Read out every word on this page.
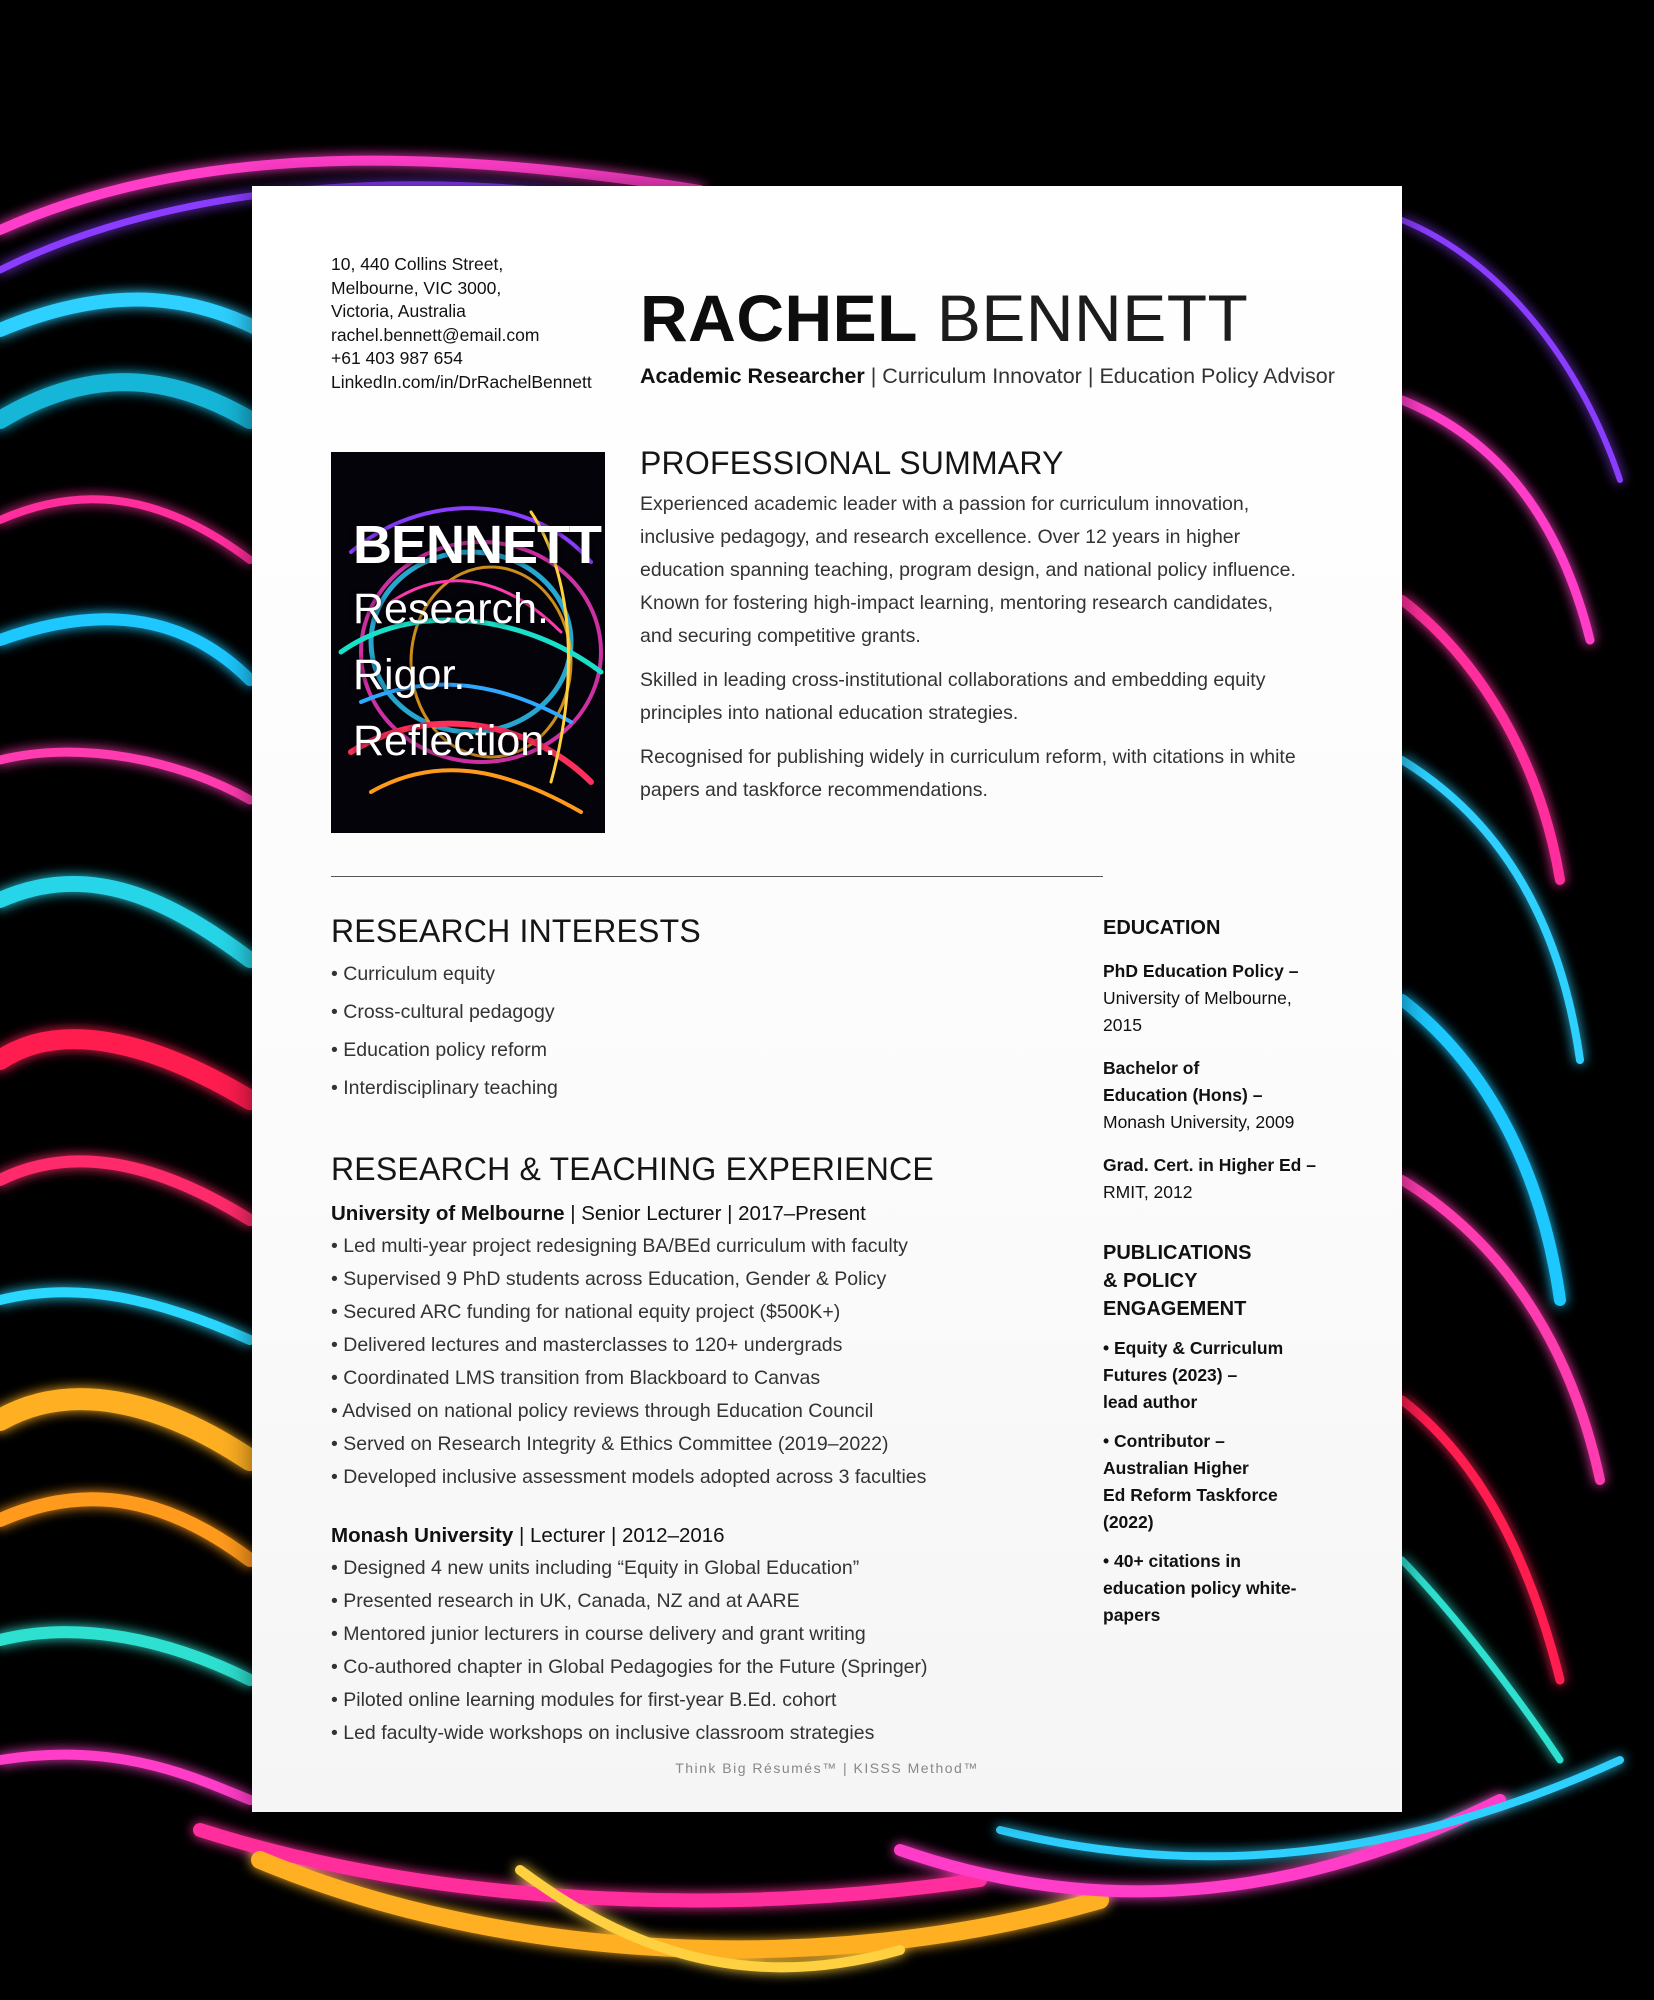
10, 440 Collins Street,
Melbourne, VIC 3000,
Victoria, Australia
rachel.bennett@email.com
+61 403 987 654
LinkedIn.com/in/DrRachelBennett
RACHEL BENNETT
Academic Researcher | Curriculum Innovator | Education Policy Advisor
BENNETT
Research.
Rigor.
Reflection.
PROFESSIONAL SUMMARY

Experienced academic leader with a passion for curriculum innovation, inclusive pedagogy, and research excellence. Over 12 years in higher education spanning teaching, program design, and national policy influence. Known for fostering high-impact learning, mentoring research candidates, and securing competitive grants.

Skilled in leading cross-institutional collaborations and embedding equity principles into national education strategies.

Recognised for publishing widely in curriculum reform, with citations in white papers and taskforce recommendations.

RESEARCH INTERESTS
• Curriculum equity
• Cross-cultural pedagogy
• Education policy reform
• Interdisciplinary teaching
RESEARCH & TEACHING EXPERIENCE
University of Melbourne | Senior Lecturer | 2017–Present
• Led multi-year project redesigning BA/BEd curriculum with faculty
• Supervised 9 PhD students across Education, Gender & Policy
• Secured ARC funding for national equity project ($500K+)
• Delivered lectures and masterclasses to 120+ undergrads
• Coordinated LMS transition from Blackboard to Canvas
• Advised on national policy reviews through Education Council
• Served on Research Integrity & Ethics Committee (2019–2022)
• Developed inclusive assessment models adopted across 3 faculties
Monash University | Lecturer | 2012–2016
• Designed 4 new units including “Equity in Global Education”
• Presented research in UK, Canada, NZ and at AARE
• Mentored junior lecturers in course delivery and grant writing
• Co-authored chapter in Global Pedagogies for the Future (Springer)
• Piloted online learning modules for first-year B.Ed. cohort
• Led faculty-wide workshops on inclusive classroom strategies
EDUCATION
PhD Education Policy –
University of Melbourne,
2015
Bachelor of
Education (Hons) –
Monash University, 2009
Grad. Cert. in Higher Ed –
RMIT, 2012
PUBLICATIONS
& POLICY
ENGAGEMENT
• Equity & Curriculum
Futures (2023) –
lead author
• Contributor –
Australian Higher
Ed Reform Taskforce
(2022)
• 40+ citations in
education policy white-
papers
Think Big Résumés™ | KISSS Method™
